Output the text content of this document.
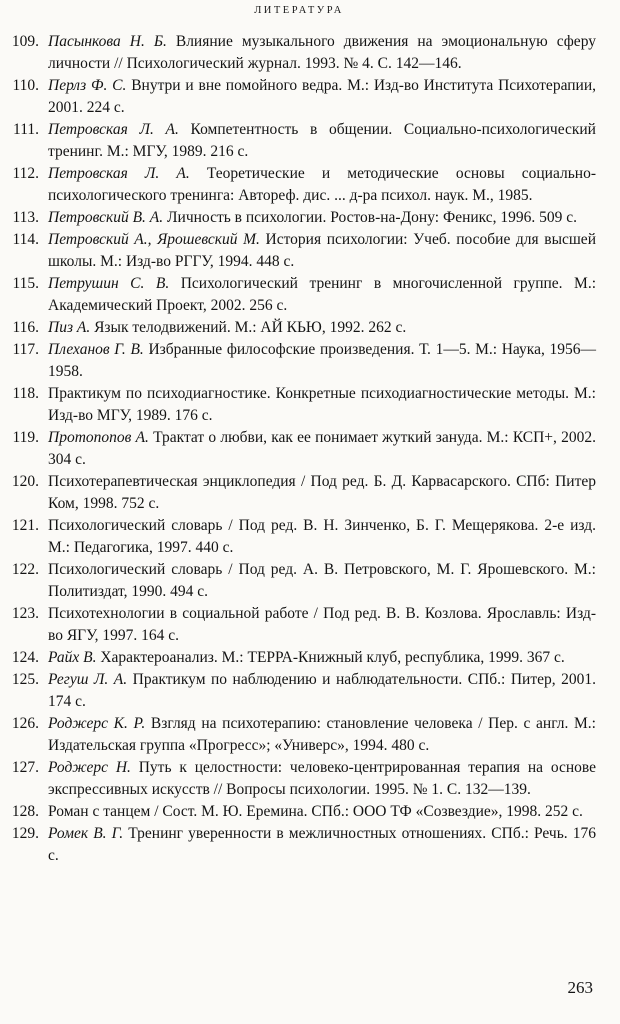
ЛИТЕРАТУРА
109. Пасынкова Н. Б. Влияние музыкального движения на эмоциональную сферу личности // Психологический журнал. 1993. № 4. С. 142—146.
110. Перлз Ф. С. Внутри и вне помойного ведра. М.: Изд-во Института Психотерапии, 2001. 224 с.
111. Петровская Л. А. Компетентность в общении. Социально-психологический тренинг. М.: МГУ, 1989. 216 с.
112. Петровская Л. А. Теоретические и методические основы социально-психологического тренинга: Автореф. дис. ... д-ра психол. наук. М., 1985.
113. Петровский В. А. Личность в психологии. Ростов-на-Дону: Феникс, 1996. 509 с.
114. Петровский А., Ярошевский М. История психологии: Учеб. пособие для высшей школы. М.: Изд-во РГГУ, 1994. 448 с.
115. Петрушин С. В. Психологический тренинг в многочисленной группе. М.: Академический Проект, 2002. 256 с.
116. Пиз А. Язык телодвижений. М.: АЙ КЬЮ, 1992. 262 с.
117. Плеханов Г. В. Избранные философские произведения. Т. 1—5. М.: Наука, 1956—1958.
118. Практикум по психодиагностике. Конкретные психодиагностические методы. М.: Изд-во МГУ, 1989. 176 с.
119. Протопопов А. Трактат о любви, как ее понимает жуткий зануда. М.: КСП+, 2002. 304 с.
120. Психотерапевтическая энциклопедия / Под ред. Б. Д. Карвасарского. СПб: Питер Ком, 1998. 752 с.
121. Психологический словарь / Под ред. В. Н. Зинченко, Б. Г. Мещерякова. 2-е изд. М.: Педагогика, 1997. 440 с.
122. Психологический словарь / Под ред. А. В. Петровского, М. Г. Ярошевского. М.: Политиздат, 1990. 494 с.
123. Психотехнологии в социальной работе / Под ред. В. В. Козлова. Ярославль: Изд-во ЯГУ, 1997. 164 с.
124. Райх В. Характероанализ. М.: ТЕРРА-Книжный клуб, республика, 1999. 367 с.
125. Регуш Л. А. Практикум по наблюдению и наблюдательности. СПб.: Питер, 2001. 174 с.
126. Роджерс К. Р. Взгляд на психотерапию: становление человека / Пер. с англ. М.: Издательская группа «Прогресс»; «Универс», 1994. 480 с.
127. Роджерс Н. Путь к целостности: человеко-центрированная терапия на основе экспрессивных искусств // Вопросы психологии. 1995. № 1. С. 132—139.
128. Роман с танцем / Сост. М. Ю. Еремина. СПб.: ООО ТФ «Созвездие», 1998. 252 с.
129. Ромек В. Г. Тренинг уверенности в межличностных отношениях. СПб.: Речь. 176 с.
263
